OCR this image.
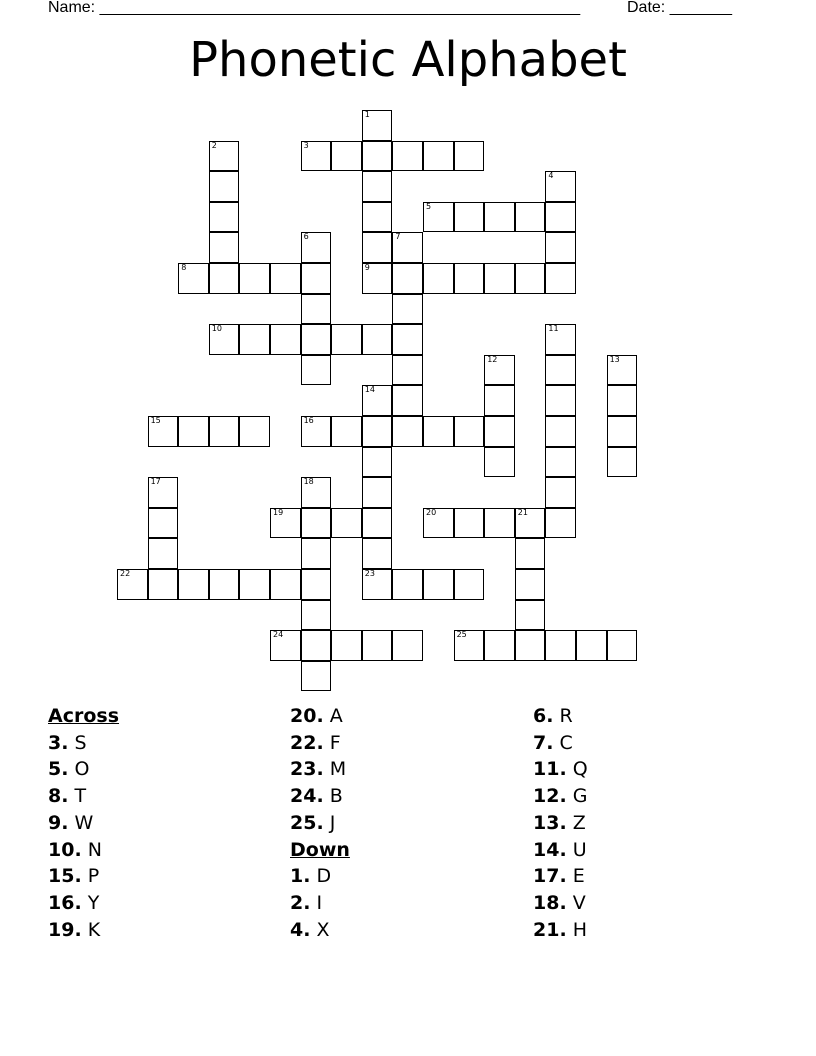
Name: ______________________________________________________	Date: _______
Phonetic Alphabet
1
2	3
4
5
6	7
8	9
10	11
12	13
14
15	16
17	18
19	20	21
22	23
24	25
Across
3. S
5. O
8. T
9. W
10. N
15. P
16. Y
19. K
20. A
22. F
23. M
24. B
25. J
Down
1. D
2. I
4. X
6. R
7. C
11. Q
12. G
13. Z
14. U
17. E
18. V
21. H
